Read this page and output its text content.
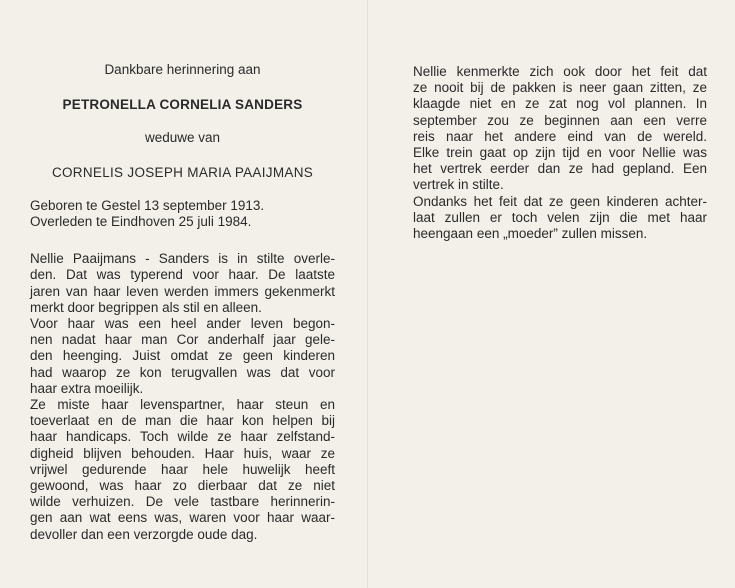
Dankbare herinnering aan
PETRONELLA CORNELIA SANDERS
weduwe van
CORNELIS JOSEPH MARIA PAAIJMANS
Geboren te Gestel 13 september 1913.
Overleden te Eindhoven 25 juli 1984.
Nellie Paaijmans - Sanders is in stilte overle-
den. Dat was typerend voor haar. De laatste
jaren van haar leven werden immers gekenmerkt
merkt door begrippen als stil en alleen.
Voor haar was een heel ander leven begon-
nen nadat haar man Cor anderhalf jaar gele-
den heenging. Juist omdat ze geen kinderen
had waarop ze kon terugvallen was dat voor
haar extra moeilijk.
Ze miste haar levenspartner, haar steun en
toeverlaat en de man die haar kon helpen bij
haar handicaps. Toch wilde ze haar zelfstand-
digheid blijven behouden. Haar huis, waar ze
vrijwel gedurende haar hele huwelijk heeft
gewoond, was haar zo dierbaar dat ze niet
wilde verhuizen. De vele tastbare herinnerin-
gen aan wat eens was, waren voor haar waar-
devoller dan een verzorgde oude dag.
Nellie kenmerkte zich ook door het feit dat
ze nooit bij de pakken is neer gaan zitten, ze
klaagde niet en ze zat nog vol plannen. In
september zou ze beginnen aan een verre
reis naar het andere eind van de wereld.
Elke trein gaat op zijn tijd en voor Nellie was
het vertrek eerder dan ze had gepland. Een
vertrek in stilte.
Ondanks het feit dat ze geen kinderen achter-
laat zullen er toch velen zijn die met haar
heengaan een „moeder” zullen missen.
